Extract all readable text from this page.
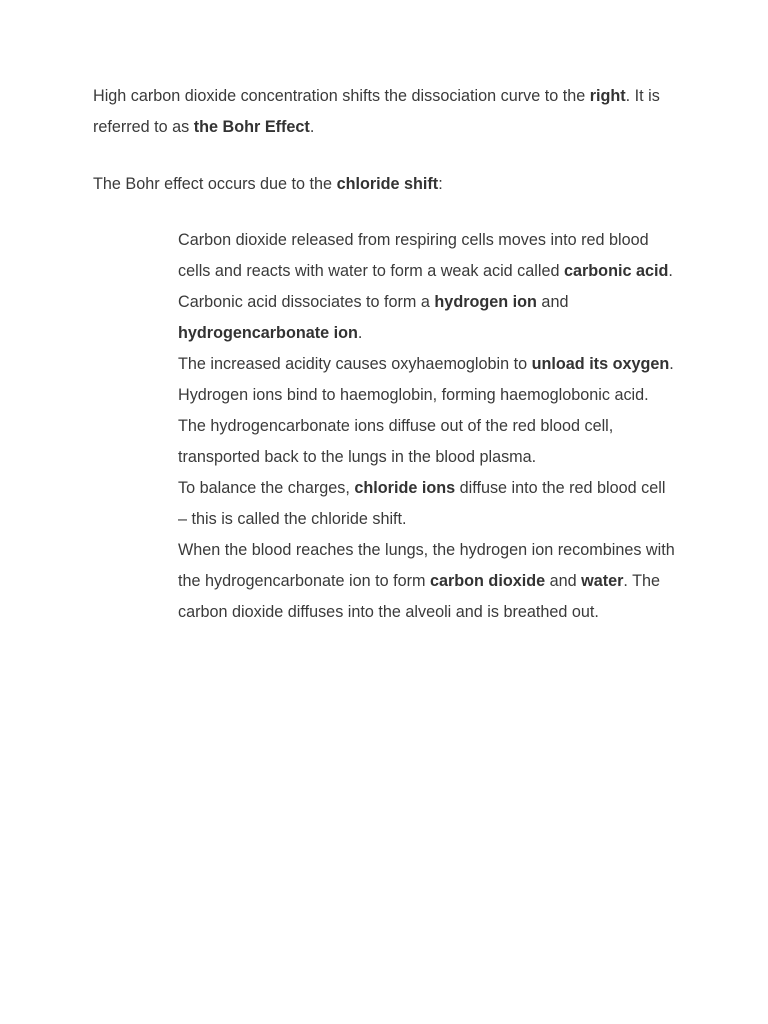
High carbon dioxide concentration shifts the dissociation curve to the right. It is referred to as the Bohr Effect.

The Bohr effect occurs due to the chloride shift:

Carbon dioxide released from respiring cells moves into red blood cells and reacts with water to form a weak acid called carbonic acid.
Carbonic acid dissociates to form a hydrogen ion and hydrogencarbonate ion.
The increased acidity causes oxyhaemoglobin to unload its oxygen. Hydrogen ions bind to haemoglobin, forming haemoglobonic acid.
The hydrogencarbonate ions diffuse out of the red blood cell, transported back to the lungs in the blood plasma.
To balance the charges, chloride ions diffuse into the red blood cell – this is called the chloride shift.
When the blood reaches the lungs, the hydrogen ion recombines with the hydrogencarbonate ion to form carbon dioxide and water. The carbon dioxide diffuses into the alveoli and is breathed out.
